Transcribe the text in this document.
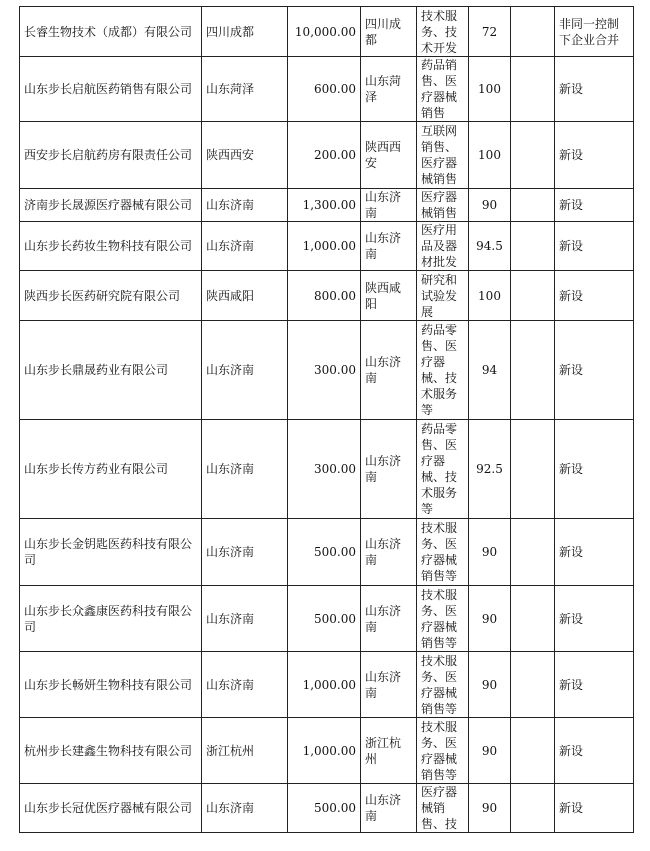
长睿生物技术（成都）有限公司	四川成都	10,000.00	四川成都	技术服务、技术开发	72		非同一控制下企业合并
山东步长启航医药销售有限公司	山东菏泽	600.00	山东菏泽	药品销售、医疗器械销售	100		新设
西安步长启航药房有限责任公司	陕西西安	200.00	陕西西安	互联网销售、医疗器械销售	100		新设
济南步长晟源医疗器械有限公司	山东济南	1,300.00	山东济南	医疗器械销售	90		新设
山东步长药妆生物科技有限公司	山东济南	1,000.00	山东济南	医疗用品及器材批发	94.5		新设
陕西步长医药研究院有限公司	陕西咸阳	800.00	陕西咸阳	研究和试验发展	100		新设
山东步长鼎晟药业有限公司	山东济南	300.00	山东济南	药品零售、医疗器械、技术服务等	94		新设
山东步长传方药业有限公司	山东济南	300.00	山东济南	药品零售、医疗器械、技术服务等	92.5		新设
山东步长金钥匙医药科技有限公司	山东济南	500.00	山东济南	技术服务、医疗器械销售等	90		新设
山东步长众鑫康医药科技有限公司	山东济南	500.00	山东济南	技术服务、医疗器械销售等	90		新设
山东步长畅妍生物科技有限公司	山东济南	1,000.00	山东济南	技术服务、医疗器械销售等	90		新设
杭州步长建鑫生物科技有限公司	浙江杭州	1,000.00	浙江杭州	技术服务、医疗器械销售等	90		新设
山东步长冠优医疗器械有限公司	山东济南	500.00	山东济南	医疗器械销售、技	90		新设
